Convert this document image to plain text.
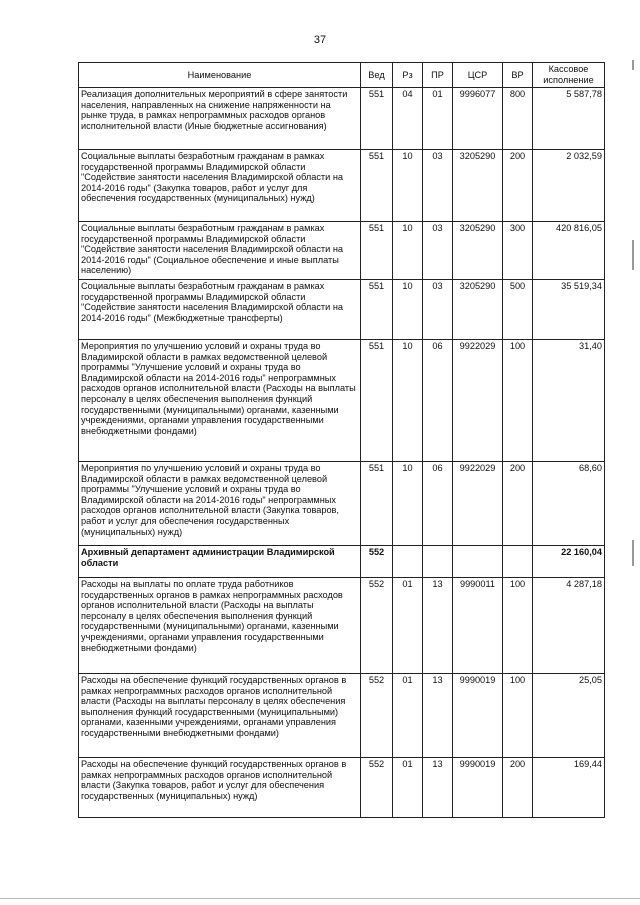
37
Наименование	Вед	Рз	ПР	ЦСР	ВР	Кассовое исполнение
Реализация дополнительных мероприятий в сфере занятости населения, направленных на снижение напряженности на рынке труда, в рамках непрограммных расходов органов исполнительной власти (Иные бюджетные ассигнования)	551	04	01	9996077	800	5 587,78
Социальные выплаты безработным гражданам в рамках государственной программы Владимирской области "Содействие занятости населения Владимирской области на 2014-2016 годы" (Закупка товаров, работ и услуг для обеспечения государственных (муниципальных) нужд)	551	10	03	3205290	200	2 032,59
Социальные выплаты безработным гражданам в рамках государственной программы Владимирской области "Содействие занятости населения Владимирской области на 2014-2016 годы" (Социальное обеспечение и иные выплаты населению)	551	10	03	3205290	300	420 816,05
Социальные выплаты безработным гражданам в рамках государственной программы Владимирской области "Содействие занятости населения Владимирской области на 2014-2016 годы" (Межбюджетные трансферты)	551	10	03	3205290	500	35 519,34
Мероприятия по улучшению условий и охраны труда во Владимирской области в рамках ведомственной целевой программы "Улучшение условий и охраны труда во Владимирской области на 2014-2016 годы" непрограммных расходов органов исполнительной власти (Расходы на выплаты персоналу в целях обеспечения выполнения функций государственными (муниципальными) органами, казенными учреждениями, органами управления государственными внебюджетными фондами)	551	10	06	9922029	100	31,40
Мероприятия по улучшению условий и охраны труда во Владимирской области в рамках ведомственной целевой программы "Улучшение условий и охраны труда во Владимирской области на 2014-2016 годы" непрограммных расходов органов исполнительной власти (Закупка товаров, работ и услуг для обеспечения государственных (муниципальных) нужд)	551	10	06	9922029	200	68,60
Архивный департамент администрации Владимирской области	552					22 160,04
Расходы на выплаты по оплате труда работников государственных органов в рамках непрограммных расходов органов исполнительной власти (Расходы на выплаты персоналу в целях обеспечения выполнения функций государственными (муниципальными) органами, казенными учреждениями, органами управления государственными внебюджетными фондами)	552	01	13	9990011	100	4 287,18
Расходы на обеспечение функций государственных органов в рамках непрограммных расходов органов исполнительной власти (Расходы на выплаты персоналу в целях обеспечения выполнения функций государственными (муниципальными) органами, казенными учреждениями, органами управления государственными внебюджетными фондами)	552	01	13	9990019	100	25,05
Расходы на обеспечение функций государственных органов в рамках непрограммных расходов органов исполнительной власти (Закупка товаров, работ и услуг для обеспечения государственных (муниципальных) нужд)	552	01	13	9990019	200	169,44
